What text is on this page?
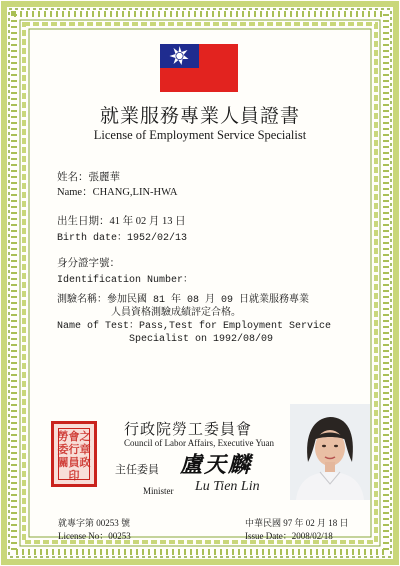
就業服務專業人員證書
License of Employment Service Specialist
姓名：張麗華
Name：CHANG,LIN-HWA
出生日期：41 年 02 月 13 日
Birth date：1952/02/13
身分證字號：
Identification Number：
測驗名稱：參加民國 81 年 08 月 09 日就業服務專業
人員資格測驗成績評定合格。
Name of Test：Pass,Test for Employment Service
Specialist on 1992/08/09
勞會之委行章關員政印
行政院勞工委員會
Council of Labor Affairs, Executive Yuan
主任委員
Minister
盧天麟
Lu Tien Lin
就專字第 00253 號
License No：00253
中華民國 97 年 02 月 18 日
Issue Date：2008/02/18
